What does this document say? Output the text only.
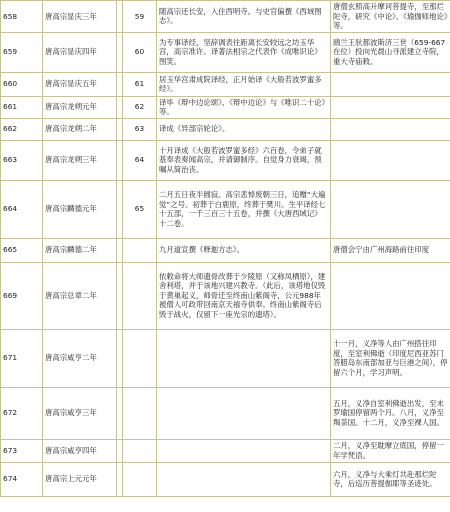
658	唐高宗显庆三年		59	随高宗还长安，入住西明寺。与史官偏撰《西域图志》。	唐僧玄照高升摩诃菩提寺，至那烂陀寺，研究《中论》、《瑜伽师地论》等。
659	唐高宗显庆四年		60	为专事译经，坚辞调表往距离长安较远之坊玉华宫，高宗准许。译著法相宗之代表作《成唯识论》图笑。	鹞兰王驮都波斯济三世（659-667在位）投向光晨山寻派建立寺院，重大寺庙敕。
660	唐高宗显庆五年		61	居玉华宫肃成院译经，正月始译《大般若波罗蜜多经》。	
661	唐高宗龙朔元年		62	译毕《辩中边论颂》、《辩中边论》与《唯识二十论》等。	
662	唐高宗龙朔二年		63	译成《异部宗轮论》。	
663	唐高宗龙朔三年		64	十月译成《大般若波罗蜜多经》六百卷，令弟子就基奉表奏闻高宗，并请御制序。自觉身力衰竭，预嘱从简治丧。	
664	唐高宗麟德元年		65	二月五日夜半圆寂。高宗悲悼废朝三日，追赠“大遍觉”之号。初葬于白鹿原，终葬于樊川。生平译经七十五部，一千三百三十五卷，并撰《大唐西域记》十二卷。	
665	唐高宗麟德二年			九月道宣撰《释迦方志》。	唐僧会宁由广州海路前往印度
669	唐高宗总章二年			依敕命将大师遗骨改葬于少陵原（又称凤栖原），建舍利塔，并于该地兴建兴教寺。（此后，该塔地仅毁于黄巢起义，师骨迁至终南山紫阁寺，公元988年被僧人可政带回南京天禧寺供奉。终南山紫阁寺后毁于战火，仅留下一座光宗的遗塔）。	
671	唐高宗咸亨二年				十一月，义净等人由广州搭往印度，至室利佛逝（印度尼西亚苏门答腊岛东南部加亚与巨港之间），停留六个月，学习声明。
672	唐高宗咸亨三年				五月，义净自室利佛逝出发，至末罗瑜国停留两个月。八月，义净至羯荼国。十二月，义净至裸人国。
673	唐高宗咸亨四年				二月，义净至耽摩立底国，停留一年学梵语。
674	唐高宗上元元年				六月，义净与大乘灯共赴那烂陀寺，后巡历菩提伽耶等圣迹处。
